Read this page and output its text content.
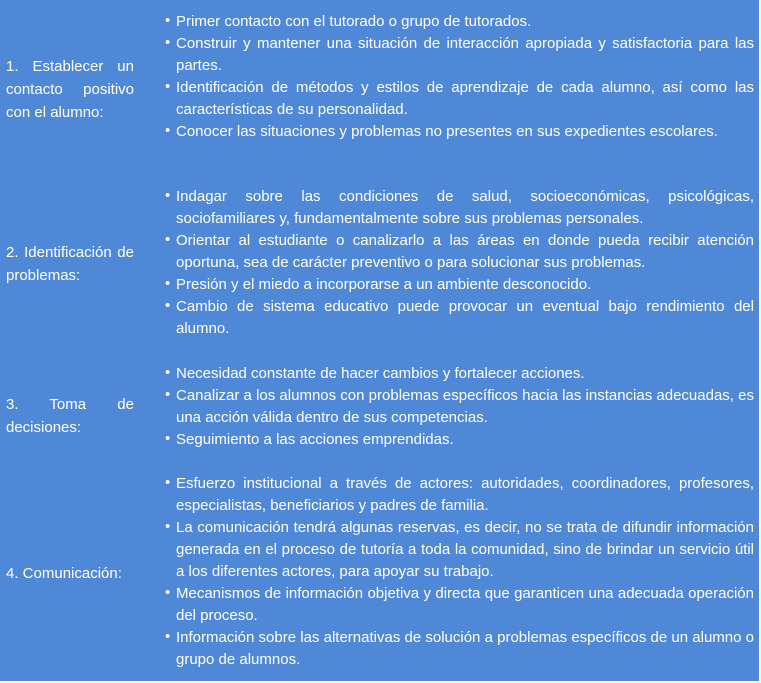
1. Establecer un contacto positivo con el alumno:
• Primer contacto con el tutorado o grupo de tutorados.
• Construir y mantener una situación de interacción apropiada y satisfactoria para las partes.
• Identificación de métodos y estilos de aprendizaje de cada alumno, así como las características de su personalidad.
• Conocer las situaciones y problemas no presentes en sus expedientes escolares.
2. Identificación de problemas:
• Indagar sobre las condiciones de salud, socioeconómicas, psicológicas, sociofamiliares y, fundamentalmente sobre sus problemas personales.
• Orientar al estudiante o canalizarlo a las áreas en donde pueda recibir atención oportuna, sea de carácter preventivo o para solucionar sus problemas.
• Presión y el miedo a incorporarse a un ambiente desconocido.
• Cambio de sistema educativo puede provocar un eventual bajo rendimiento del alumno.
3. Toma de decisiones:
• Necesidad constante de hacer cambios y fortalecer acciones.
• Canalizar a los alumnos con problemas específicos hacia las instancias adecuadas, es una acción válida dentro de sus competencias.
• Seguimiento a las acciones emprendidas.
4. Comunicación:
• Esfuerzo institucional a través de actores: autoridades, coordinadores, profesores, especialistas, beneficiarios y padres de familia.
• La comunicación tendrá algunas reservas, es decir, no se trata de difundir información generada en el proceso de tutoría a toda la comunidad, sino de brindar un servicio útil a los diferentes actores, para apoyar su trabajo.
• Mecanismos de información objetiva y directa que garanticen una adecuada operación del proceso.
• Información sobre las alternativas de solución a problemas específicos de un alumno o grupo de alumnos.
